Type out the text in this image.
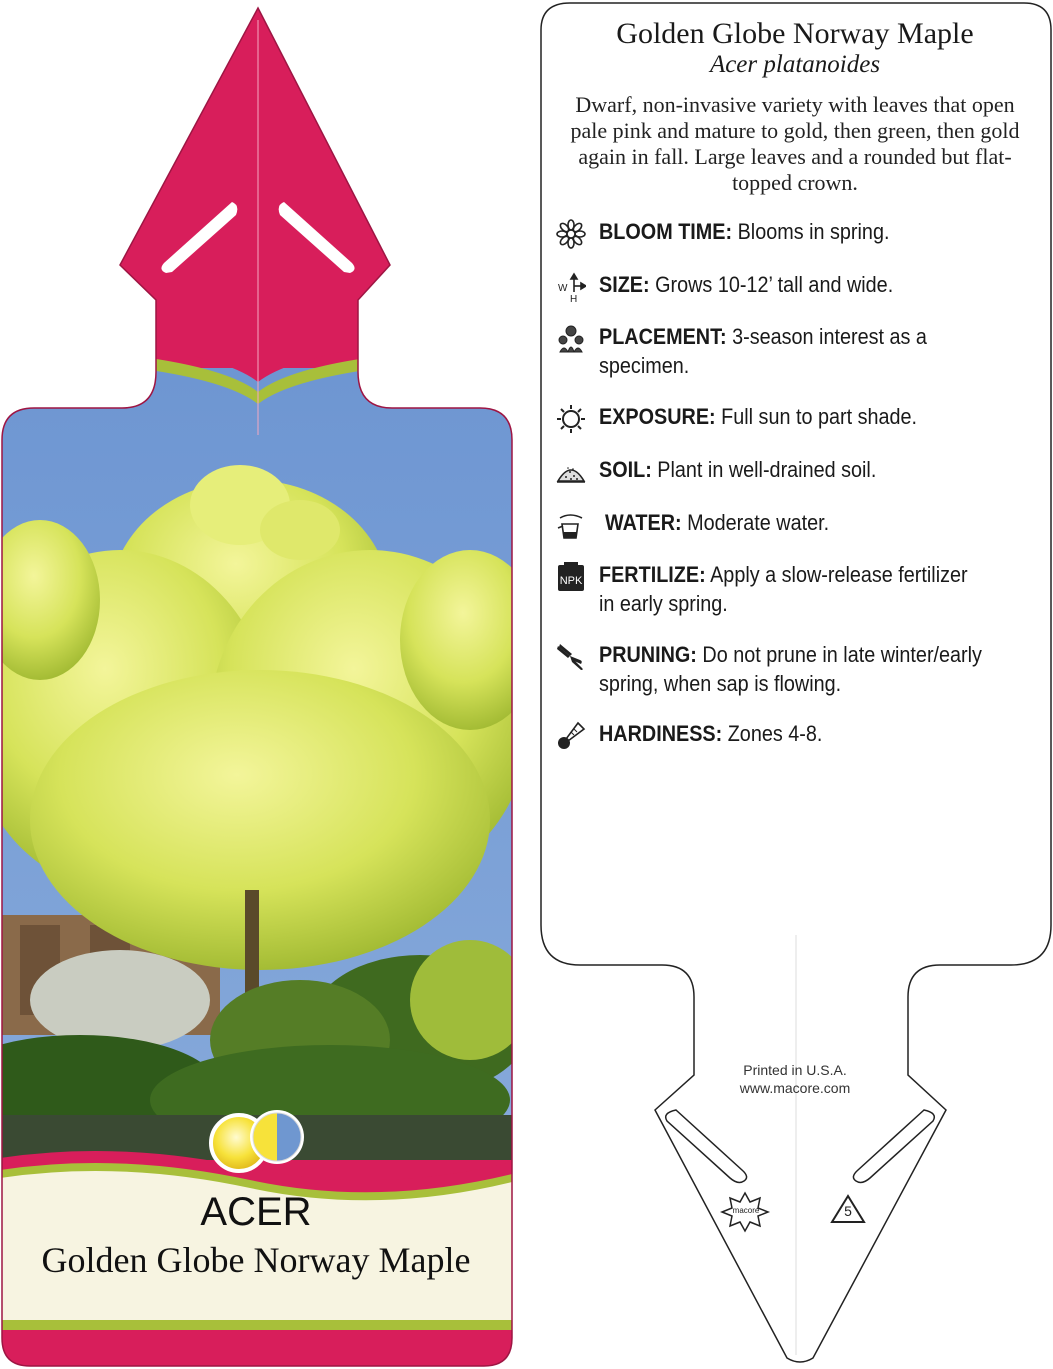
ACER
Golden Globe Norway Maple
Golden Globe Norway Maple
Acer platanoides
Dwarf, non-invasive variety with leaves that open pale pink and mature to gold, then green, then gold again in fall. Large leaves and a rounded but flat-topped crown.
BLOOM TIME: Blooms in spring.
W
H
SIZE: Grows 10-12’ tall and wide.
PLACEMENT: 3-season interest as a specimen.
EXPOSURE: Full sun to part shade.
SOIL: Plant in well-drained soil.
WATER: Moderate water.
NPK FERTILIZE: Apply a slow-release fertilizer in early spring.
PRUNING: Do not prune in late winter/early spring, when sap is flowing.
HARDINESS: Zones 4-8.
Printed in U.S.A.
www.macore.com
macore	5
